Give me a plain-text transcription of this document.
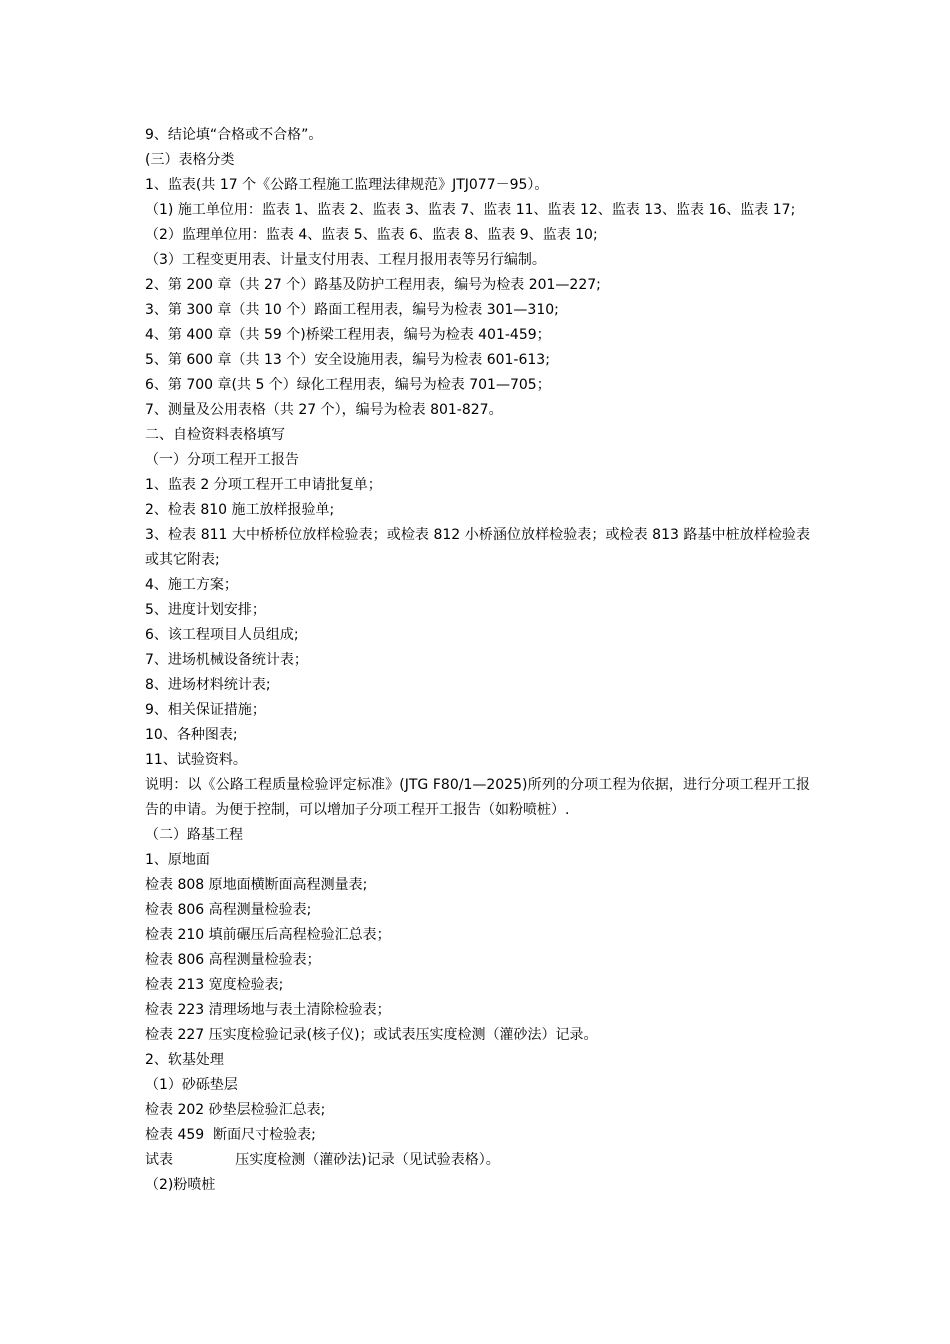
9、结论填“合格或不合格”。
(三）表格分类
1、监表(共 17 个《公路工程施工监理法律规范》JTJ077－95）。
（1) 施工单位用：监表 1、监表 2、监表 3、监表 7、监表 11、监表 12、监表 13、监表 16、监表 17;
（2）监理单位用：监表 4、监表 5、监表 6、监表 8、监表 9、监表 10;
（3）工程变更用表、计量支付用表、工程月报用表等另行编制。
2、第 200 章（共 27 个）路基及防护工程用表，编号为检表 201—227;
3、第 300 章（共 10 个）路面工程用表，编号为检表 301—310;
4、第 400 章（共 59 个)桥梁工程用表，编号为检表 401-459；
5、第 600 章（共 13 个）安全设施用表，编号为检表 601-613;
6、第 700 章(共 5 个）绿化工程用表，编号为检表 701—705；
7、测量及公用表格（共 27 个），编号为检表 801-827。
二、自检资料表格填写
（一）分项工程开工报告
1、监表 2 分项工程开工申请批复单；
2、检表 810 施工放样报验单;
3、检表 811 大中桥桥位放样检验表；或检表 812 小桥涵位放样检验表；或检表 813 路基中桩放样检验表或其它附表;
4、施工方案；
5、进度计划安排；
6、该工程项目人员组成;
7、进场机械设备统计表；
8、进场材料统计表;
9、相关保证措施；
10、各种图表;
11、试验资料。
说明：以《公路工程质量检验评定标准》(JTG F80/1—2025)所列的分项工程为依据，进行分项工程开工报告的申请。为便于控制，可以增加子分项工程开工报告（如粉喷桩）.
（二）路基工程
1、原地面
检表 808 原地面横断面高程测量表;
检表 806 高程测量检验表;
检表 210 填前碾压后高程检验汇总表；
检表 806 高程测量检验表；
检表 213 宽度检验表;
检表 223 清理场地与表土清除检验表；
检表 227 压实度检验记录(核子仪)；或试表压实度检测（灌砂法）记录。
2、软基处理
（1）砂砾垫层
检表 202 砂垫层检验汇总表;
检表 459  断面尺寸检验表;
试表              压实度检测（灌砂法)记录（见试验表格）。
（2)粉喷桩
